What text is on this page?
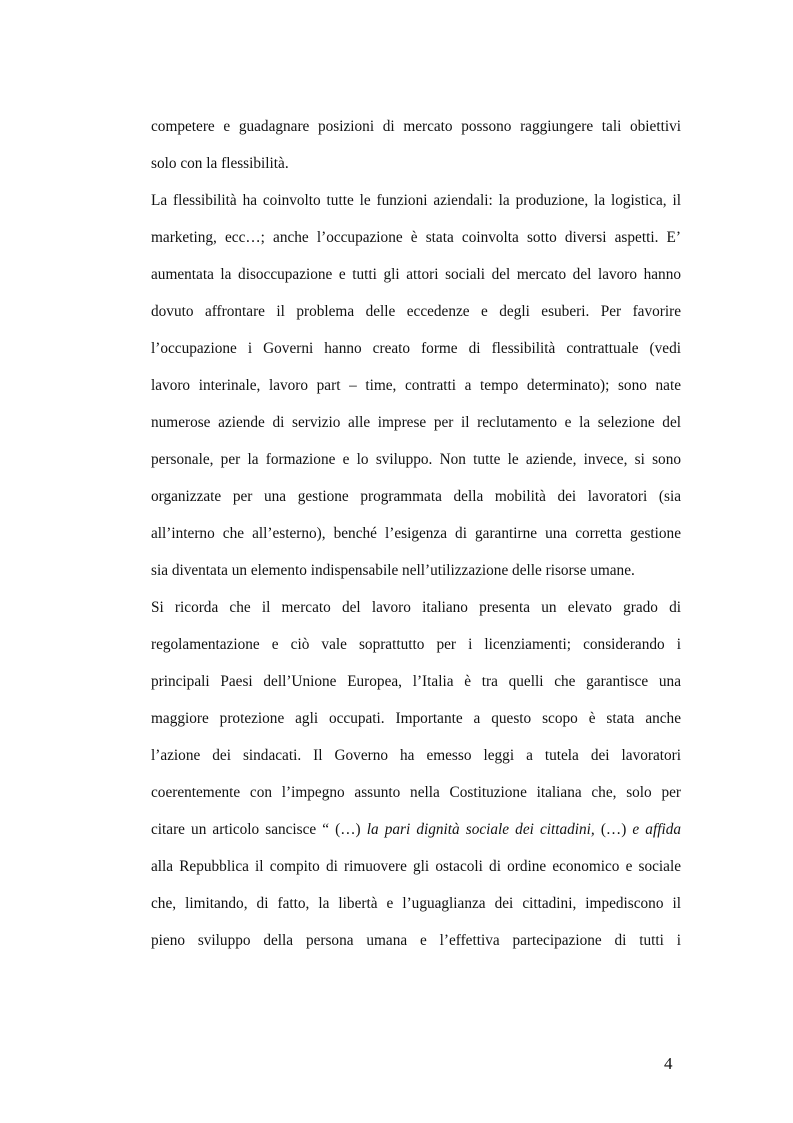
competere e guadagnare posizioni di mercato possono raggiungere tali obiettivi
solo con la flessibilità.
La flessibilità ha coinvolto tutte le funzioni aziendali: la produzione, la logistica, il
marketing, ecc…; anche l’occupazione è stata coinvolta sotto diversi aspetti. E’
aumentata la disoccupazione e tutti gli attori sociali del mercato del lavoro hanno
dovuto affrontare il problema delle eccedenze e degli esuberi. Per favorire
l’occupazione i Governi hanno creato forme di flessibilità contrattuale (vedi
lavoro interinale, lavoro part – time, contratti a tempo determinato); sono nate
numerose aziende di servizio alle imprese per il reclutamento e la selezione del
personale, per la formazione e lo sviluppo. Non tutte le aziende, invece, si sono
organizzate per una gestione programmata della mobilità dei lavoratori (sia
all’interno che all’esterno), benché l’esigenza di garantirne una corretta gestione
sia diventata un elemento indispensabile nell’utilizzazione delle risorse umane.
Si ricorda che il mercato del lavoro italiano presenta un elevato grado di
regolamentazione e ciò vale soprattutto per i licenziamenti; considerando i
principali Paesi dell’Unione Europea, l’Italia è tra quelli che garantisce una
maggiore protezione agli occupati. Importante a questo scopo è stata anche
l’azione dei sindacati. Il Governo ha emesso leggi a tutela dei lavoratori
coerentemente con l’impegno assunto nella Costituzione italiana che, solo per
citare un articolo sancisce “ (…) la pari dignità sociale dei cittadini, (…) e affida
alla Repubblica il compito di rimuovere gli ostacoli di ordine economico e sociale
che, limitando, di fatto, la libertà e l’uguaglianza dei cittadini, impediscono il
pieno sviluppo della persona umana e l’effettiva partecipazione di tutti i
4
